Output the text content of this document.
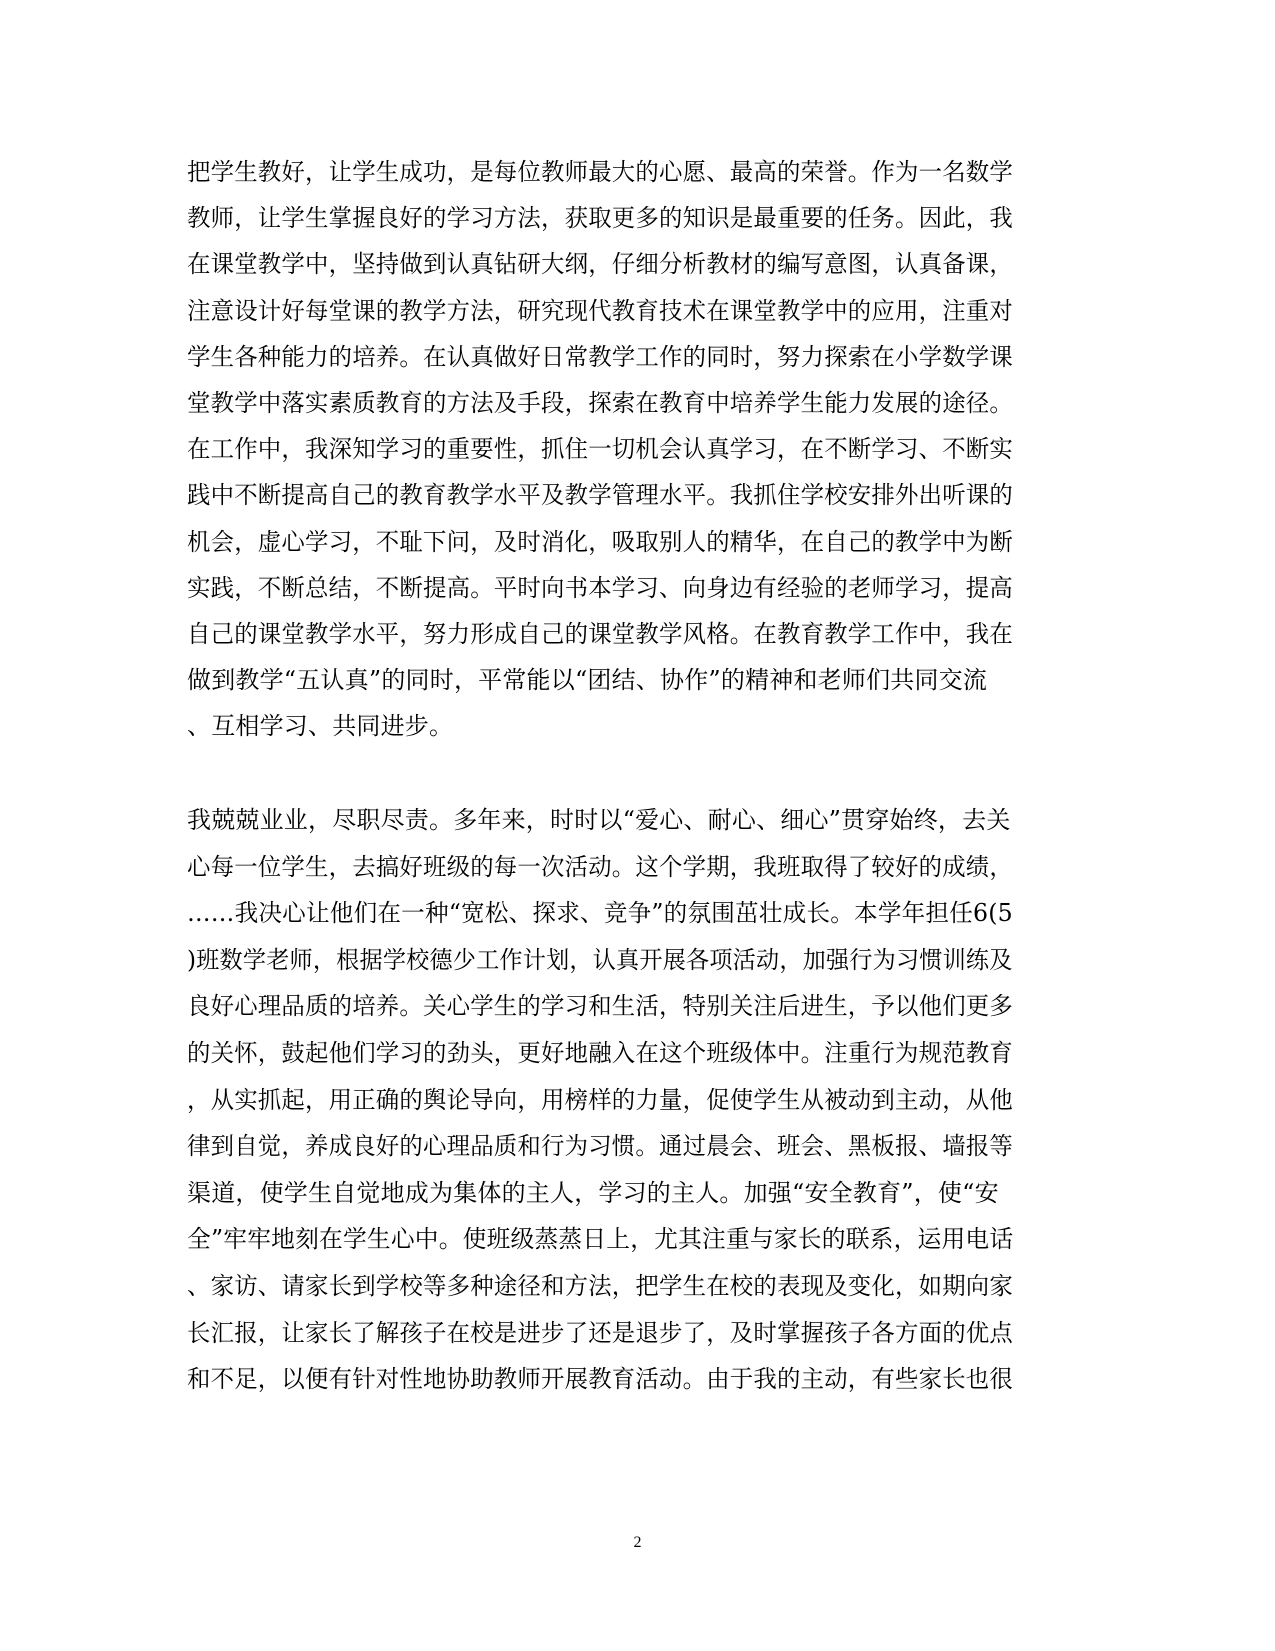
把学生教好，让学生成功，是每位教师最大的心愿、最高的荣誉。作为一名数学
教师，让学生掌握良好的学习方法，获取更多的知识是最重要的任务。因此，我
在课堂教学中，坚持做到认真钻研大纲，仔细分析教材的编写意图，认真备课，
注意设计好每堂课的教学方法，研究现代教育技术在课堂教学中的应用，注重对
学生各种能力的培养。在认真做好日常教学工作的同时，努力探索在小学数学课
堂教学中落实素质教育的方法及手段，探索在教育中培养学生能力发展的途径。
在工作中，我深知学习的重要性，抓住一切机会认真学习，在不断学习、不断实
践中不断提高自己的教育教学水平及教学管理水平。我抓住学校安排外出听课的
机会，虚心学习，不耻下问，及时消化，吸取别人的精华，在自己的教学中为断
实践，不断总结，不断提高。平时向书本学习、向身边有经验的老师学习，提高
自己的课堂教学水平，努力形成自己的课堂教学风格。在教育教学工作中，我在
做到教学“五认真”的同时，平常能以“团结、协作”的精神和老师们共同交流
、互相学习、共同进步。
我兢兢业业，尽职尽责。多年来，时时以“爱心、耐心、细心”贯穿始终，去关
心每一位学生，去搞好班级的每一次活动。这个学期，我班取得了较好的成绩，
……我决心让他们在一种“宽松、探求、竞争”的氛围茁壮成长。本学年担任6(5
)班数学老师，根据学校德少工作计划，认真开展各项活动，加强行为习惯训练及
良好心理品质的培养。关心学生的学习和生活，特别关注后进生，予以他们更多
的关怀，鼓起他们学习的劲头，更好地融入在这个班级体中。注重行为规范教育
，从实抓起，用正确的舆论导向，用榜样的力量，促使学生从被动到主动，从他
律到自觉，养成良好的心理品质和行为习惯。通过晨会、班会、黑板报、墙报等
渠道，使学生自觉地成为集体的主人，学习的主人。加强“安全教育”，使“安
全”牢牢地刻在学生心中。使班级蒸蒸日上，尤其注重与家长的联系，运用电话
、家访、请家长到学校等多种途径和方法，把学生在校的表现及变化，如期向家
长汇报，让家长了解孩子在校是进步了还是退步了，及时掌握孩子各方面的优点
和不足，以便有针对性地协助教师开展教育活动。由于我的主动，有些家长也很
2
